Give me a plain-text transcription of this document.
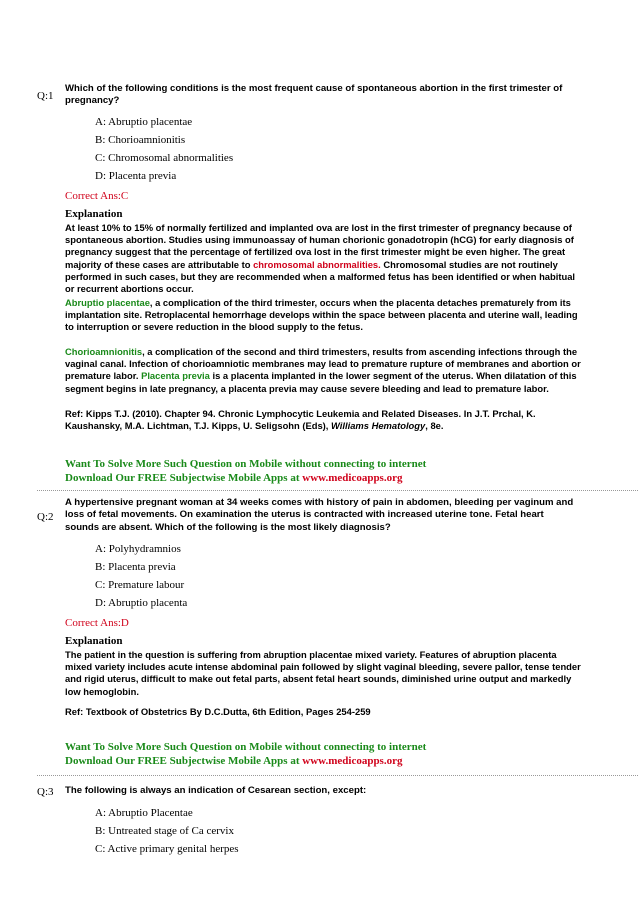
Q:1
Which of the following conditions is the most frequent cause of spontaneous abortion in the first trimester of pregnancy?
A: Abruptio placentae
B: Chorioamnionitis
C: Chromosomal abnormalities
D: Placenta previa
Correct Ans:C
Explanation
At least 10% to 15% of normally fertilized and implanted ova are lost in the first trimester of pregnancy because of spontaneous abortion. Studies using immunoassay of human chorionic gonadotropin (hCG) for early diagnosis of pregnancy suggest that the percentage of fertilized ova lost in the first trimester might be even higher. The great majority of these cases are attributable to chromosomal abnormalities. Chromosomal studies are not routinely performed in such cases, but they are recommended when a malformed fetus has been identified or when habitual or recurrent abortions occur.
Abruptio placentae, a complication of the third trimester, occurs when the placenta detaches prematurely from its implantation site. Retroplacental hemorrhage develops within the space between placenta and uterine wall, leading to interruption or severe reduction in the blood supply to the fetus.
Chorioamnionitis, a complication of the second and third trimesters, results from ascending infections through the vaginal canal. Infection of chorioamniotic membranes may lead to premature rupture of membranes and abortion or premature labor. Placenta previa is a placenta implanted in the lower segment of the uterus. When dilatation of this segment begins in late pregnancy, a placenta previa may cause severe bleeding and lead to premature labor.
Ref: Kipps T.J. (2010). Chapter 94. Chronic Lymphocytic Leukemia and Related Diseases. In J.T. Prchal, K. Kaushansky, M.A. Lichtman, T.J. Kipps, U. Seligsohn (Eds), Williams Hematology, 8e.
Want To Solve More Such Question on Mobile without connecting to internet
Download Our FREE Subjectwise Mobile Apps at www.medicoapps.org
Q:2
A hypertensive pregnant woman at 34 weeks comes with history of pain in abdomen, bleeding per vaginum and loss of fetal movements. On examination the uterus is contracted with increased uterine tone. Fetal heart sounds are absent. Which of the following is the most likely diagnosis?
A: Polyhydramnios
B: Placenta previa
C: Premature labour
D: Abruptio placenta
Correct Ans:D
Explanation
The patient in the question is suffering from abruption placentae mixed variety. Features of abruption placenta mixed variety includes acute intense abdominal pain followed by slight vaginal bleeding, severe pallor, tense tender and rigid uterus, difficult to make out fetal parts, absent fetal heart sounds, diminished urine output and markedly low hemoglobin.
Ref: Textbook of Obstetrics By D.C.Dutta, 6th Edition, Pages 254-259
Want To Solve More Such Question on Mobile without connecting to internet
Download Our FREE Subjectwise Mobile Apps at www.medicoapps.org
Q:3 The following is always an indication of Cesarean section, except:
A: Abruptio Placentae
B: Untreated stage of Ca cervix
C: Active primary genital herpes
